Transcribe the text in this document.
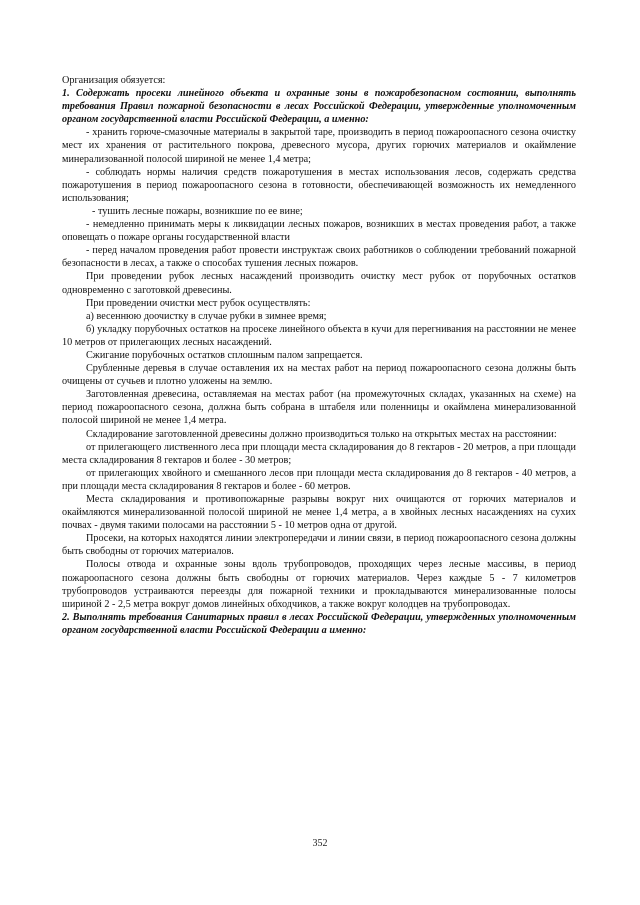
Организация обязуется:

1. Содержать просеки линейного объекта и охранные зоны в пожаробезопасном состоянии, выполнять требования Правил пожарной безопасности в лесах Российской Федерации, утвержденные уполномоченным органом государственной власти Российской Федерации, а именно:

- хранить горюче-смазочные материалы в закрытой таре, производить в период пожароопасного сезона очистку мест их хранения от растительного покрова, древесного мусора, других горючих материалов и окаймление минерализованной полосой шириной не менее 1,4 метра;

- соблюдать нормы наличия средств пожаротушения в местах использования лесов, содержать средства пожаротушения в период пожароопасного сезона в готовности, обеспечивающей возможность их немедленного использования;

- тушить лесные пожары, возникшие по ее вине;

- немедленно принимать меры к ликвидации лесных пожаров, возникших в местах проведения работ, а также оповещать о пожаре органы государственной власти

- перед началом проведения работ провести инструктаж своих работников о соблюдении требований пожарной безопасности в лесах, а также о способах тушения лесных пожаров.

При проведении рубок лесных насаждений производить очистку мест рубок от порубочных остатков одновременно с заготовкой древесины.

При проведении очистки мест рубок осуществлять:

а) весеннюю доочистку в случае рубки в зимнее время;

б) укладку порубочных остатков на просеке линейного объекта в кучи для перегнивания на расстоянии не менее 10 метров от прилегающих лесных насаждений.

Сжигание порубочных остатков сплошным палом запрещается.

Срубленные деревья в случае оставления их на местах работ на период пожароопасного сезона должны быть очищены от сучьев и плотно уложены на землю.

Заготовленная древесина, оставляемая на местах работ (на промежуточных складах, указанных на схеме) на период пожароопасного сезона, должна быть собрана в штабеля или поленницы и окаймлена минерализованной полосой шириной не менее 1,4 метра.

Складирование заготовленной древесины должно производиться только на открытых местах на расстоянии:

от прилегающего лиственного леса при площади места складирования до 8 гектаров - 20 метров, а при площади места складирования 8 гектаров и более - 30 метров;

от прилегающих хвойного и смешанного лесов при площади места складирования до 8 гектаров - 40 метров, а при площади места складирования 8 гектаров и более - 60 метров.

Места складирования и противопожарные разрывы вокруг них очищаются от горючих материалов и окаймляются минерализованной полосой шириной не менее 1,4 метра, а в хвойных лесных насаждениях на сухих почвах - двумя такими полосами на расстоянии 5 - 10 метров одна от другой.

Просеки, на которых находятся линии электропередачи и линии связи, в период пожароопасного сезона должны быть свободны от горючих материалов.

Полосы отвода и охранные зоны вдоль трубопроводов, проходящих через лесные массивы, в период пожароопасного сезона должны быть свободны от горючих материалов. Через каждые 5 - 7 километров трубопроводов устраиваются переезды для пожарной техники и прокладываются минерализованные полосы шириной 2 - 2,5 метра вокруг домов линейных обходчиков, а также вокруг колодцев на трубопроводах.

2. Выполнять требования Санитарных правил в лесах Российской Федерации, утвержденных уполномоченным органом государственной власти Российской Федерации а именно:

352
